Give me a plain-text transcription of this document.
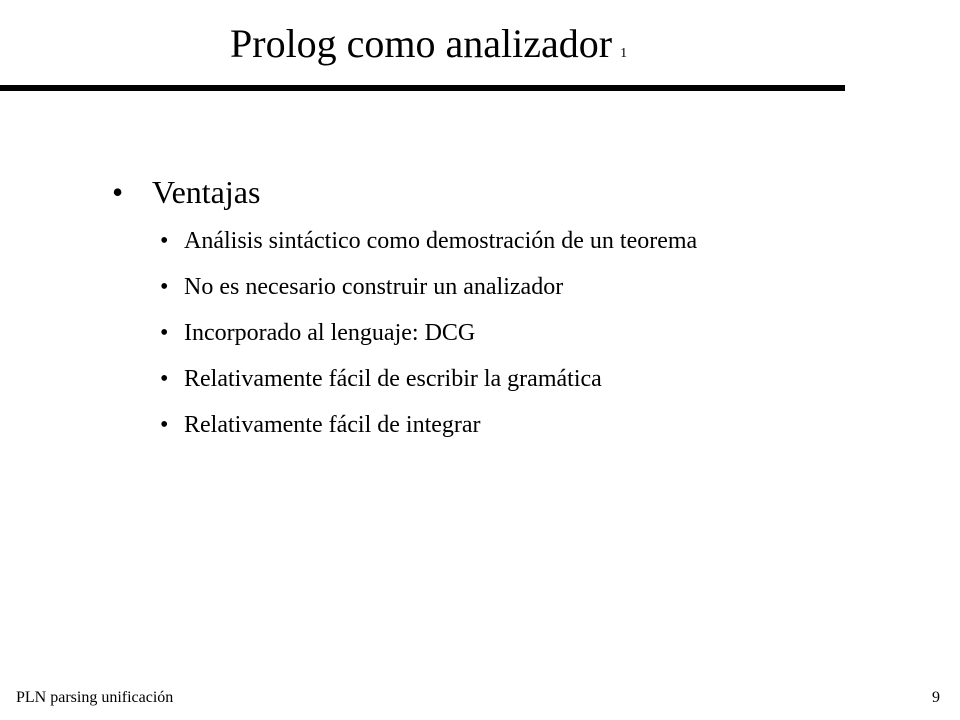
Prolog como analizador 1
• Ventajas
• Análisis sintáctico como demostración de un teorema
• No es necesario construir un analizador
• Incorporado al lenguaje: DCG
• Relativamente fácil de escribir la gramática
• Relativamente fácil de integrar
PLN parsing unificación	9
